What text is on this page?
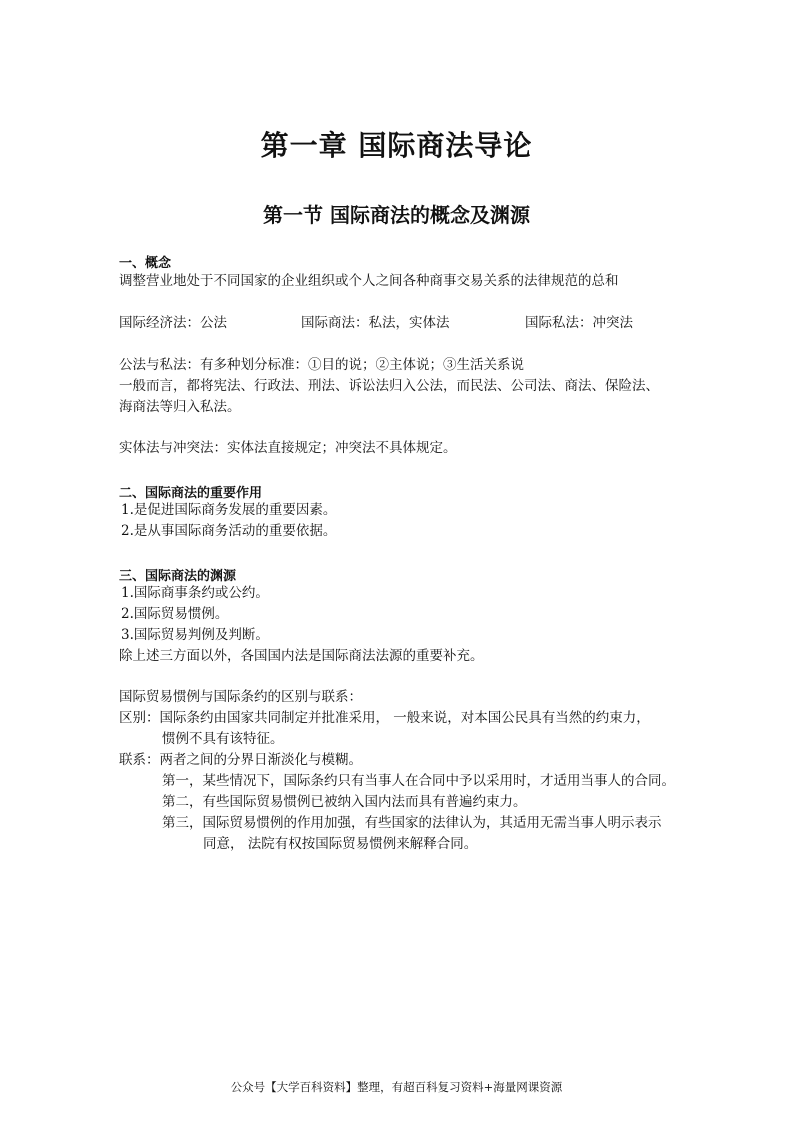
第一章 国际商法导论
第一节 国际商法的概念及渊源
一、概念
调整营业地处于不同国家的企业组织或个人之间各种商事交易关系的法律规范的总和
国际经济法：公法	国际商法：私法，实体法	国际私法：冲突法
公法与私法：有多种划分标准：①目的说；②主体说；③生活关系说
一般而言，都将宪法、行政法、刑法、诉讼法归入公法，而民法、公司法、商法、保险法、
海商法等归入私法。
实体法与冲突法：实体法直接规定；冲突法不具体规定。
二、国际商法的重要作用
1.是促进国际商务发展的重要因素。
2.是从事国际商务活动的重要依据。
三、国际商法的渊源
1.国际商事条约或公约。
2.国际贸易惯例。
3.国际贸易判例及判断。
除上述三方面以外，各国国内法是国际商法法源的重要补充。
国际贸易惯例与国际条约的区别与联系：
区别：国际条约由国家共同制定并批准采用， 一般来说，对本国公民具有当然的约束力，
惯例不具有该特征。
联系：两者之间的分界日渐淡化与模糊。
第一，某些情况下，国际条约只有当事人在合同中予以采用时，才适用当事人的合同。
第二，有些国际贸易惯例已被纳入国内法而具有普遍约束力。
第三，国际贸易惯例的作用加强，有些国家的法律认为，其适用无需当事人明示表示
同意， 法院有权按国际贸易惯例来解释合同。
公众号【大学百科资料】整理，有超百科复习资料+海量网课资源
